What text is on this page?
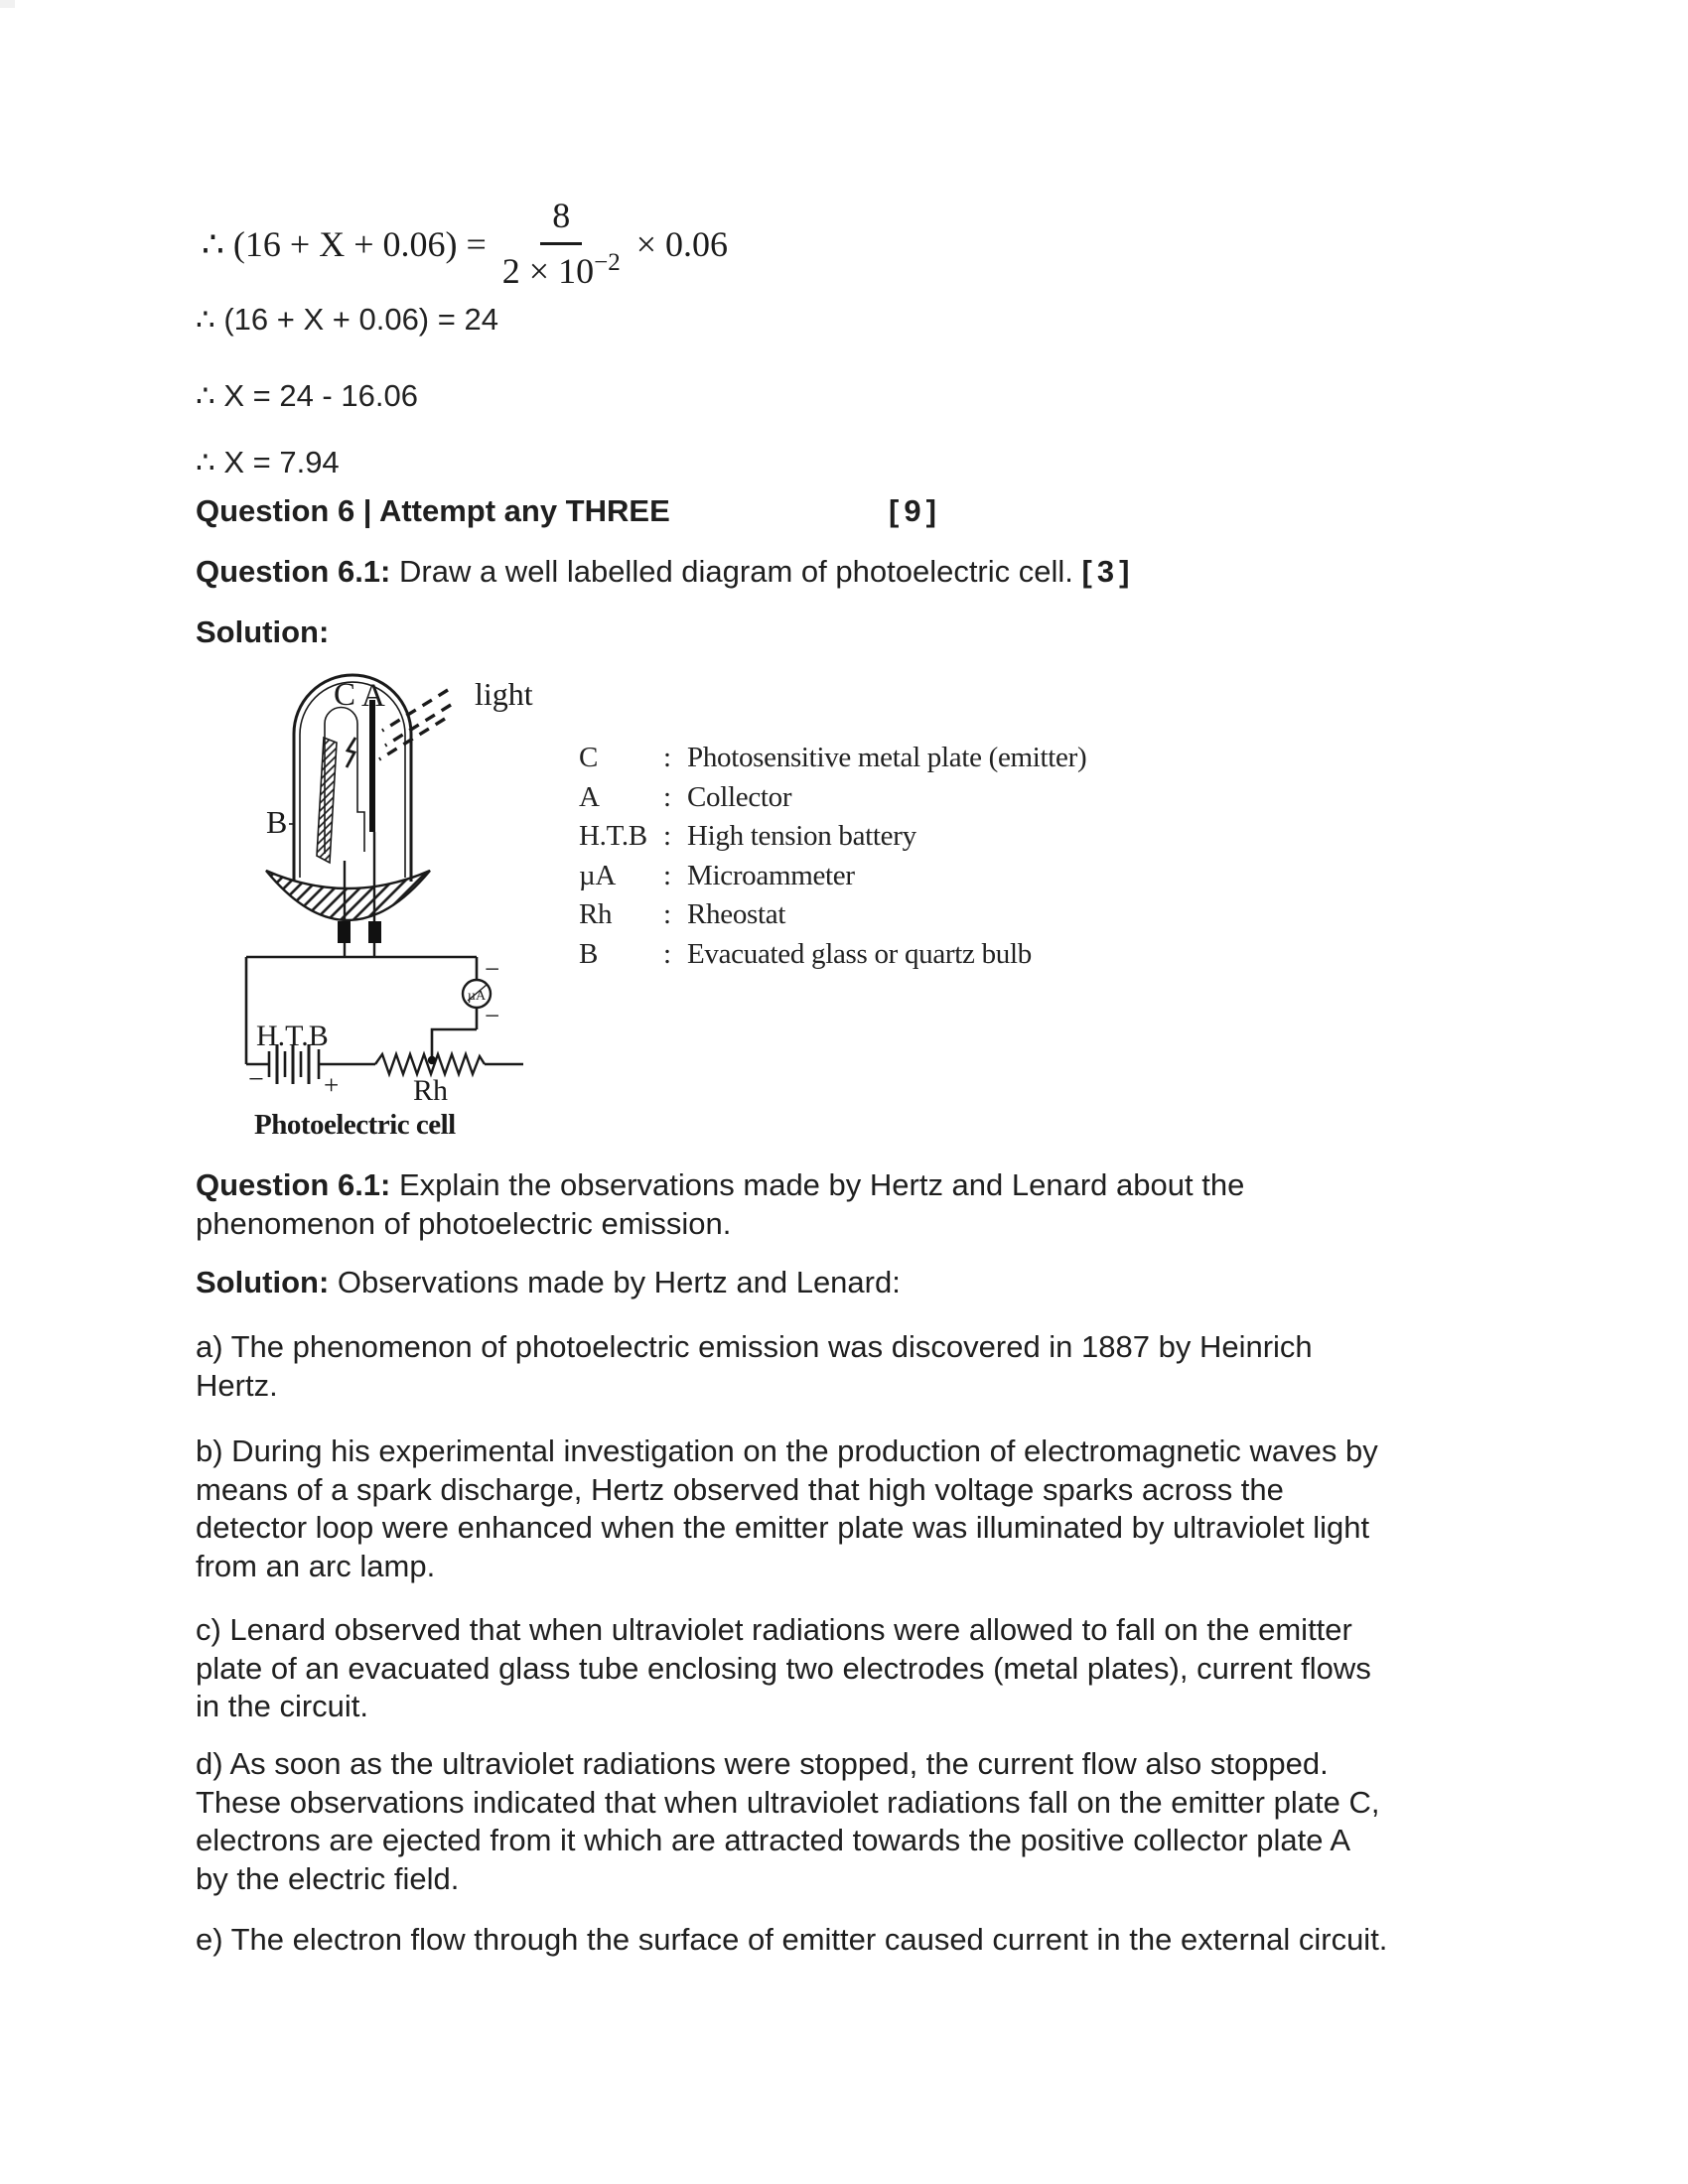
∴ $(16 + X + 0.06) = \frac{8}{2 \times 10^{-2}} \times 0.06$
∴ (16 + X + 0.06) = 24
∴ X = 24 - 16.06
∴ X = 7.94
Question 6 | Attempt any THREE	[9]
Question 6.1: Draw a well labelled diagram of photoelectric cell. [3]
Solution:
C A	light
B
H.T.B
− + Rh
µA
−
−
C	: Photosensitive metal plate (emitter)
A	: Collector
H.T.B : High tension battery
µA	: Microammeter
Rh	: Rheostat
B	: Evacuated glass or quartz bulb
Photoelectric cell
Question 6.1: Explain the observations made by Hertz and Lenard about the
phenomenon of photoelectric emission.
Solution: Observations made by Hertz and Lenard:
a) The phenomenon of photoelectric emission was discovered in 1887 by Heinrich
Hertz.
b) During his experimental investigation on the production of electromagnetic waves by
means of a spark discharge, Hertz observed that high voltage sparks across the
detector loop were enhanced when the emitter plate was illuminated by ultraviolet light
from an arc lamp.
c) Lenard observed that when ultraviolet radiations were allowed to fall on the emitter
plate of an evacuated glass tube enclosing two electrodes (metal plates), current flows
in the circuit.
d) As soon as the ultraviolet radiations were stopped, the current flow also stopped.
These observations indicated that when ultraviolet radiations fall on the emitter plate C,
electrons are ejected from it which are attracted towards the positive collector plate A
by the electric field.
e) The electron flow through the surface of emitter caused current in the external circuit.
